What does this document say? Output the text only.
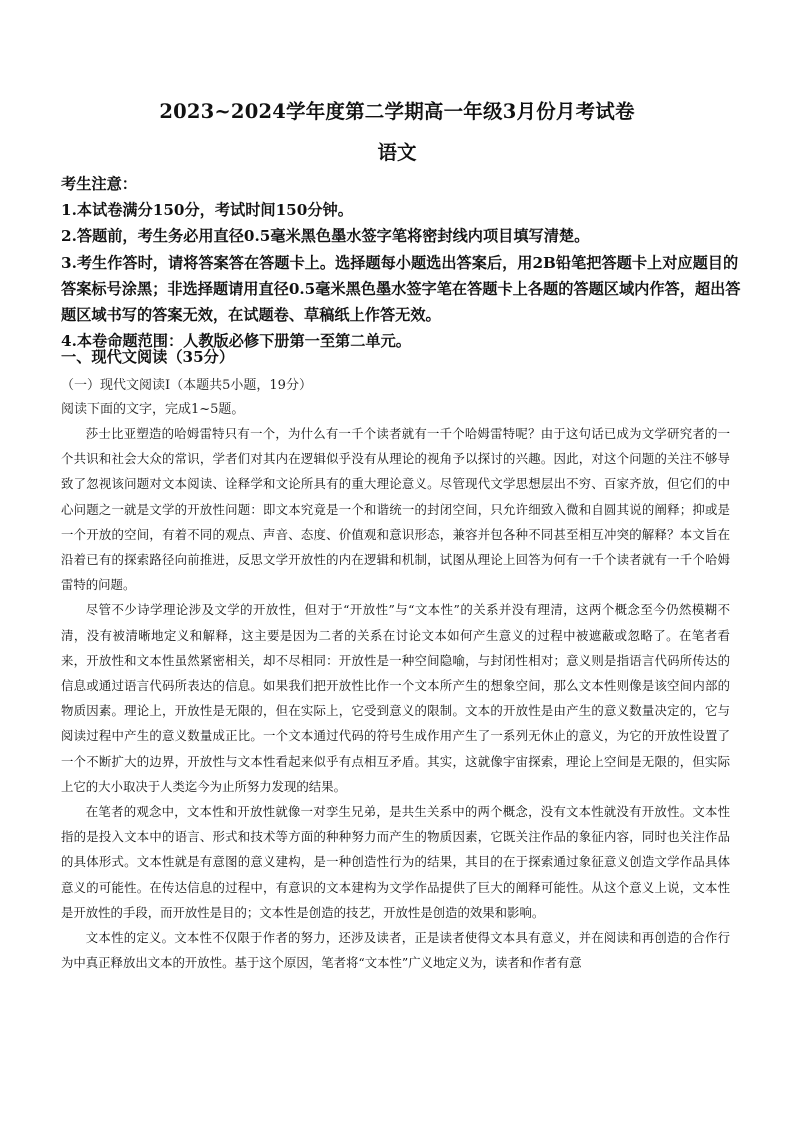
2023~2024学年度第二学期高一年级3月份月考试卷
语文

考生注意：

1.本试卷满分150分，考试时间150分钟。

2.答题前，考生务必用直径0.5毫米黑色墨水签字笔将密封线内项目填写清楚。

3.考生作答时，请将答案答在答题卡上。选择题每小题选出答案后，用2B铅笔把答题卡上对应题目的答案标号涂黑；非选择题请用直径0.5毫米黑色墨水签字笔在答题卡上各题的答题区域内作答，超出答题区域书写的答案无效，在试题卷、草稿纸上作答无效。

4.本卷命题范围：人教版必修下册第一至第二单元。

一、现代文阅读（35分）
（一）现代文阅读Ⅰ（本题共5小题，19分）
阅读下面的文字，完成1~5题。

莎士比亚塑造的哈姆雷特只有一个，为什么有一千个读者就有一千个哈姆雷特呢？由于这句话已成为文学研究者的一个共识和社会大众的常识，学者们对其内在逻辑似乎没有从理论的视角予以探讨的兴趣。因此，对这个问题的关注不够导致了忽视该问题对文本阅读、诠释学和文论所具有的重大理论意义。尽管现代文学思想层出不穷、百家齐放，但它们的中心问题之一就是文学的开放性问题：即文本究竟是一个和谐统一的封闭空间，只允许细致入微和自圆其说的阐释；抑或是一个开放的空间，有着不同的观点、声音、态度、价值观和意识形态，兼容并包各种不同甚至相互冲突的解释？本文旨在沿着已有的探索路径向前推进，反思文学开放性的内在逻辑和机制，试图从理论上回答为何有一千个读者就有一千个哈姆雷特的问题。

尽管不少诗学理论涉及文学的开放性，但对于“开放性”与“文本性”的关系并没有理清，这两个概念至今仍然模糊不清，没有被清晰地定义和解释，这主要是因为二者的关系在讨论文本如何产生意义的过程中被遮蔽或忽略了。在笔者看来，开放性和文本性虽然紧密相关，却不尽相同：开放性是一种空间隐喻，与封闭性相对；意义则是指语言代码所传达的信息或通过语言代码所表达的信息。如果我们把开放性比作一个文本所产生的想象空间，那么文本性则像是该空间内部的物质因素。理论上，开放性是无限的，但在实际上，它受到意义的限制。文本的开放性是由产生的意义数量决定的，它与阅读过程中产生的意义数量成正比。一个文本通过代码的符号生成作用产生了一系列无休止的意义，为它的开放性设置了一个不断扩大的边界，开放性与文本性看起来似乎有点相互矛盾。其实，这就像宇宙探索，理论上空间是无限的，但实际上它的大小取决于人类迄今为止所努力发现的结果。

在笔者的观念中，文本性和开放性就像一对孪生兄弟，是共生关系中的两个概念，没有文本性就没有开放性。文本性指的是投入文本中的语言、形式和技术等方面的种种努力而产生的物质因素，它既关注作品的象征内容，同时也关注作品的具体形式。文本性就是有意图的意义建构，是一种创造性行为的结果，其目的在于探索通过象征意义创造文学作品具体意义的可能性。在传达信息的过程中，有意识的文本建构为文学作品提供了巨大的阐释可能性。从这个意义上说，文本性是开放性的手段，而开放性是目的；文本性是创造的技艺，开放性是创造的效果和影响。

文本性的定义。文本性不仅限于作者的努力，还涉及读者，正是读者使得文本具有意义，并在阅读和再创造的合作行为中真正释放出文本的开放性。基于这个原因，笔者将“文本性”广义地定义为，读者和作者有意
